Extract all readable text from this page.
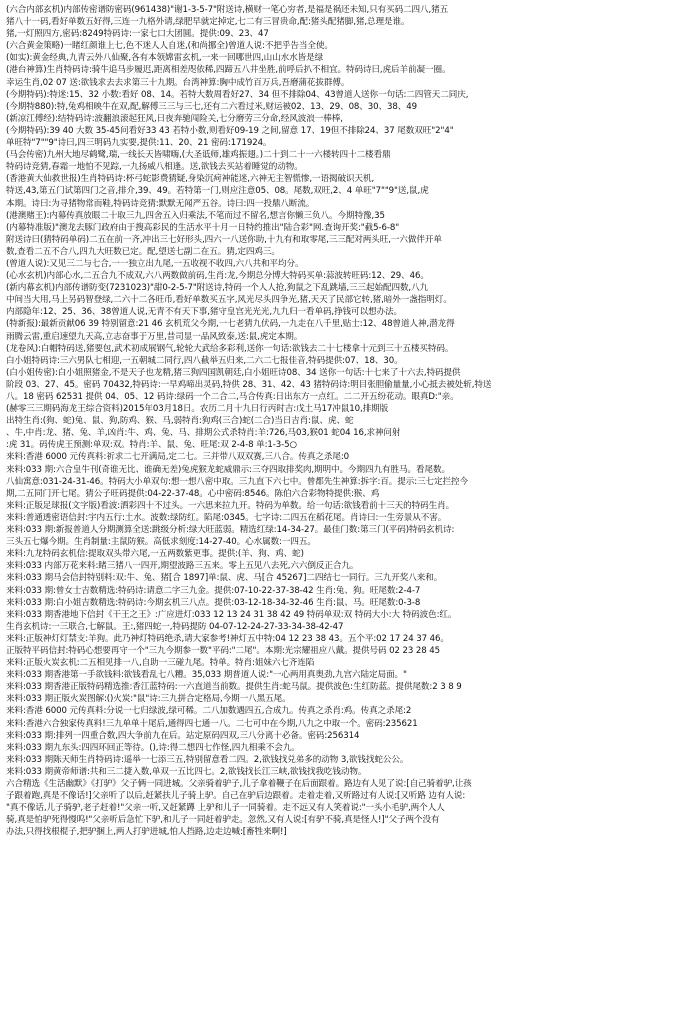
(六合内部玄机)内部传密谱防密码(961438)"谢1-3-5-7"附送诗,横财一笔心穷者,是福是祸还未知,只有买码二四八,猪五
猪八十一码,看好单数五好得,三连一九格外请,绿肥早就定掉定,七二有三冒贵命,配:猪头配猪脚,猪,总理是谁。
猪,一灯照四方,密码:8249特码诗:一家七口大团圆。提供:09、23、47
(六合黄金策略)一睹红颜谁上七,色不迷人人自迷,(和尚挪全)曾道人说:不把乎告当全使。
(如实):黄金经典,九青云外八仙聚,各有本领嫦雷玄机,一来一回哪世四,山山水水皆是绿
(港台神算)生肖特码诗:骑牛追马步履迟,距离相差咫依稀,四蹄五八井坐胜,前呼后扒不相宜。特码诗曰,虎后羊前凝一圈。
幸运生肖,02 07 送:欲钱求去去求第三十九期。台湾神算:胸中成竹百万兵,吾磨蒲花拔群傅。
(今期特码):特迷:15、32 小数:看好 08、14。若特大数周看好27、34 但不排除04、43曾道人送你一句话:二四管天二同庆,
(今期特880):特,兔鸡相映牛在双,配,解傅三三与三七,还有二六看过米,财运被02、13、29、08、30、38、49
(新凉江傅经):结特码诗:波翻浪滚起狂风,日夜奔驰闯险关,七分磨劳三分命,经风波浪一棒棒,
(今期特码):39 40 大数 35-45问看好33 43 若特小数,则看好09-19 之间,留意 17、19但不排除24、37 尾数双旺"2"4"
单旺特"7""9"诗曰,四三明码九实要,提供:11、20、21 密码:171924。
(马会传密)九州大地尽鹤鹭,瑞,一线长天皆啸嗨,(大圣诋师,雄鸡振翅。)二十到二十一六楼转四十二楼看鼎
特码诗竞猜,春霜一地怕不见踪,一九扬威八相逢。送,欲钱去买站着睡觉的动物。
(香港黄大仙救世报)生肖特码诗:杯弓蛇影费猜疑,身染沉疴神能迷,六神无主智慌惨,一语揭破识天机,
特送,43,第五门试第四门之音,排介,39、49。若特第一门,则应注意05、08。尾数,双旺,2、4 单旺"7""9"送,鼠,虎
本期。诗曰:为寻猪物常而鞋,特码诗竞猜:默默无闻严五谷。诗曰:四一投鼎八断流。
(港澳赌王):内幕传真放眼二十取三九,四舍五入归乘法,不笔而过不留名,想言你懒三负八。今期特豫,35
(内幕特准版)"澳龙去豚门政府由于搜高彩民的生活水平十月一日特约推出"陆合彩"网.查询开奖:"截5-6-8"
附送诗曰(猜特码单码)二五在前一齐,冲出三七好形头,四六一八送你助,十九有和取零尾,三三配对两头旺,一六做伴开单
数,查看二五不合八,四九大旺数已定。配,望送七副二在五。猜,定四鸡三。
(曾道人说):又见三二与七合,一一独立出九尾,一五收视不收四,六八共和平均分。
(心水玄机)内部心水,二五合九不成双,六八两数做前码,生肖:龙,今期总分博大特码买单:蒜波转旺码:12、29、46。
(新内幕玄机)内部传谱防变(7231023)"甜0-2-5-7"附送诗,特码一个人人抢,狗鼠之下乱跳墙,三三起始配四数,八九
中间当大用,马上另码智登绿,二六十二各旺币,看好单数买五字,风光尽头四争光,猪,天天了民部它转,猪,暗外一盏指明灯。
内部隐年:12、25、36、38曾道人说,无青不有天下事,猪守皇宫光光光,九九归一看单码,挣钱可以想办法。
(特新报):最新贡献06 39 特别留意:21 46 玄机荒父今期,一七老猜九伏码,一九走在八千里,贴士:12、48曾道人神,潜龙得
雨腾云雷,重启速望九天高,立志奋事于万里,昔司显一品风致泰,送:鼠,虎定本期。
(龙卷风):白帽特码送,猪要包,武术初成展钢气,轮轮大武给多彩利,送你一句话:欲钱去二十七楼拿十元到三十五楼买特码。
白小姐特码诗:三六男队七相迎,一五朝城二同行,四八截举五归来,二六二七报佳音,特码提供:07、18、30。
(白小姐传密):白小姐照猪金,不是天子也龙精,猪三狗四国凯朝廷,白小姐旺诗08、34 送你一句话:十七来了十六去,特码提供
阶段 03、27、45。密码 70432,特码诗:一早鸡啼出灵码,特供 28、31、42、43 猪特码诗:明目张胆偷量量,小心抵去被处斩,特送
八。18 密码 62531 提供 04、05、12 码诗:绿码一个二合二,马合传真:日出东方一点红。二二开五纷花动。眼真D:"亲。
(赫零三三期码海龙王综合资料)2015年03月18日。农历二月十九日行丙时吉:戊土马17冲鼠10,排期版
出特生肖:(狗、蛇)兔、鼠、狗,防鸡、猴、马,弱特肖:狗鸡(三合)蛇(二合)当日吉肖:鼠、虎、蛇
、牛,中肖:龙、猪、兔、羊,凶肖:牛、鸡、兔、马、排期公式杀特肖:羊:726,马03,猴01 蛇04 16,求神问射
:虎 31。码传虎王预测:单双:双。特肖:羊、鼠、兔、旺尾:双 2-4-8 单:1-3-5○
来料:香港 6000 元传真料:祈求二七开满局,定二七。三并带八双双赛,三八合。传真之杀尾:0
来料:033 期:六合皇牛刊(奇谁无比、谁确无差)兔虎猴龙蛇威鼎示:三夺四取排奖肉,期明中。今期四九有胜马。看尾数。
八仙寓意:031-24-31-46。特码大小单双句:想一想八密中取。三九直下六七中。曾都先生神算:拆字:百。提示:三七定拦控今
期,二五同门开七尾。猜公子旺码提供:04-22-37-48。心中密码:8546。陈伯六合彩物特提供:猴、鸡
来料:正版足球报(文字版)看波:洒彩四十不过头。一六思来拉九开。特码为单数。给一句话:欲钱看前十三天的特码生肖。
来料:普通透密语信封:宇内五行:土水。波数:绿防红。陷尾:0345。七字诗:二四五在稻花尾。肖诗曰:一生旁景从不害。
来料:033 期:新报普道人分期测算全送:跳级分析:绿大旺蓝弱。精选红绿:14-34-27。最佳门数:第三门(平码)特码玄机诗:
三头五七爆今期。生肖制量:主鼠防猴。高低求刻度:14-27-40。心水属数:一四五。
来料:九龙特码玄机信:提取双头带六尾,一五两数紫更事。提供:(羊、狗、鸡、蛇)
来料:033 内部万花来料:睹三猪八一四开,期望波路三五来。零上五见八去死,六六倒反正合九。
来料:033 期马会信封特别料:双:牛、兔、猪[合 1897]单:鼠、虎、马[合 45267]二四结七一同行。三九开奖八来和。
来料:033 期:曾女士吉数精选:特码诗:请意二字三九金。提供:07-10-22-37-38-42 生肖:兔、狗。旺尾数:2-4-7
来料:033 期:白小姐吉数精选:特码诗:今期玄机三八点。提供:03-12-18-34-32-46 生肖:鼠、马。旺尾数:0-3-8
来料:033 期香港地下信封《干王之王》:广应进灯:033 12 13 24 31 38 42 49 特码单双:双 特码大小:大 特码波色:红。
生肖玄机诗:一三联合,七解鼠。王:,猪四蛇一,特码提防 04-07-12-24-27-33-34-38-42-47
来料:正版神灯灯禁支:羊狗。此乃神灯特码绝杀,请大家参考!神灯五中特:04 12 23 38 43。五个平:02 17 24 37 46。
正版特平码信封:特码心想要再守一个"三九今期参一数"平码:"二尾"。本期:光宗耀祖应八戴。提供号码 02 23 28 45
来料:正版火炭玄机:二五相见排一八,自助一三碰九尾。特单。特肖:姐妹六七齐连陷
来料:033 期香港第一手欲钱料:欲钱看乱七八糟。35,033 期普道人说:"一心两用真奥劲,九宫六陆定局面。"
来料:033 期香港正版特码精选推:香江蓝特码:一六直道当前数。提供生肖:蛇马鼠。提供波色:生红防蓝。提供尾数:2 3 8 9
来料:033 期正版火炭图解:()火炭:"鼠"诗:三九拼合定格局,今期一八黑五尾。
来料:香港 6000 元传真料:分说一七归绿波,绿可稀。二八加数遇四五,合成九。传真之杀肖:鸡。传真之杀尾:2
来料:香港六合独家传真料!三九单单十尾后,通得四七通一八。二七可中在今期,八九之中取一个。密码:235621
来料:033 期:排列一四重合数,四大争前九在后。站定原码四双,三八分离十必备。密码:256314
来料:033 期九东头:四四环回正等待。(),诗:得二想四七作怪,四九相乘不会九。
来料:033 期陈天师生肖特码诗:遥举一七添三五,特别留意看二四。2,欲钱找兑弟多的动物 3,欲钱找蛇公公。
来料:033 期黄帝师谱:共和三二捷入数,单双一五比四七。2,欲钱找长江三峡,欲钱找我吃钱动物。
六合精选《生活幽默》《打驴》父子俩一同进城。父亲骑着驴子,儿子拿着鞭子在后面跟着。路边有人见了说:[自己骑着驴,让孩
子跟着跑,真是不像话!]父亲听了以后,赶紧扶儿子骑上驴。自己在驴后边跟着。走着走着,又听路过有人说:[又听路 边有人说:
"真不像话,儿子骑驴,老子赶着!"父亲一听,又赶紧蹲 上驴和儿子一同骑着。走不远又有人笑着说:"一头小毛驴,两个人人
骑,真是怕驴死得慢呜!"父亲听后急忙下驴,和儿子一同赶着驴走。忽然,又有人说:[有驴不骑,真是怪人!]"父子两个没有
办法,只得找根棍子,把驴捆上,两人打驴进城,怕人挡路,边走边喊:[畜牲来啊!]
